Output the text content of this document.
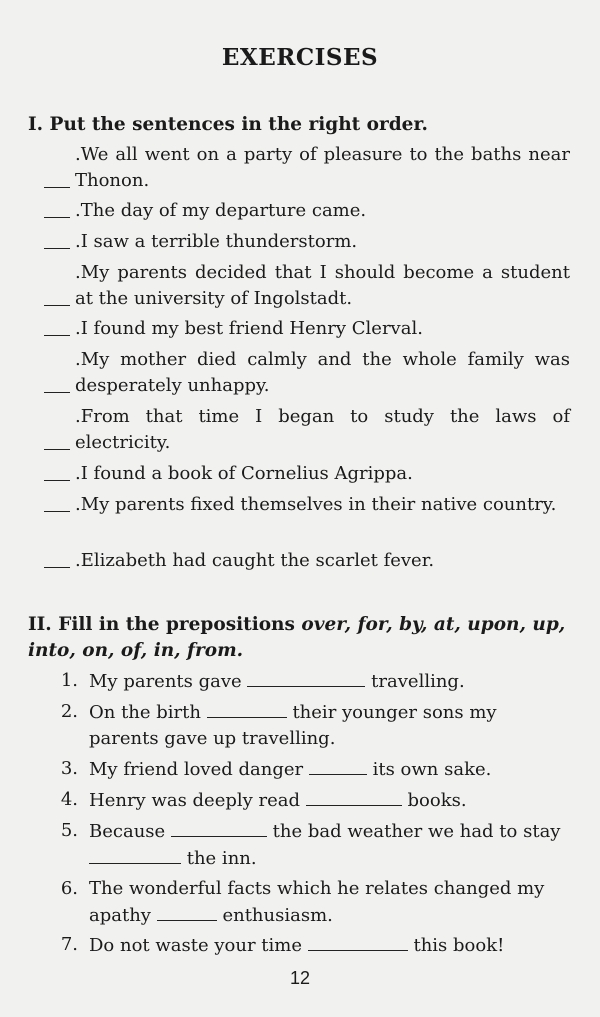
EXERCISES
I. Put the sentences in the right order.
.We all went on a party of pleasure to the baths near Thonon.
.The day of my departure came.
.I saw a terrible thunderstorm.
.My parents decided that I should become a student at the university of Ingolstadt.
.I found my best friend Henry Clerval.
.My mother died calmly and the whole family was desperately unhappy.
.From that time I began to study the laws of electricity.
.I found a book of Cornelius Agrippa.
.My parents fixed themselves in their native country.
.Elizabeth had caught the scarlet fever.
II. Fill in the prepositions over, for, by, at, upon, up, into, on, of, in, from.
1. My parents gave	travelling.
2. On the birth	their younger sons my parents gave up travelling.
3. My friend loved danger	its own sake.
4. Henry was deeply read	books.
5. Because	the bad weather we had to stay  the inn.
6. The wonderful facts which he relates changed my apathy	enthusiasm.
7. Do not waste your time	this book!
12
